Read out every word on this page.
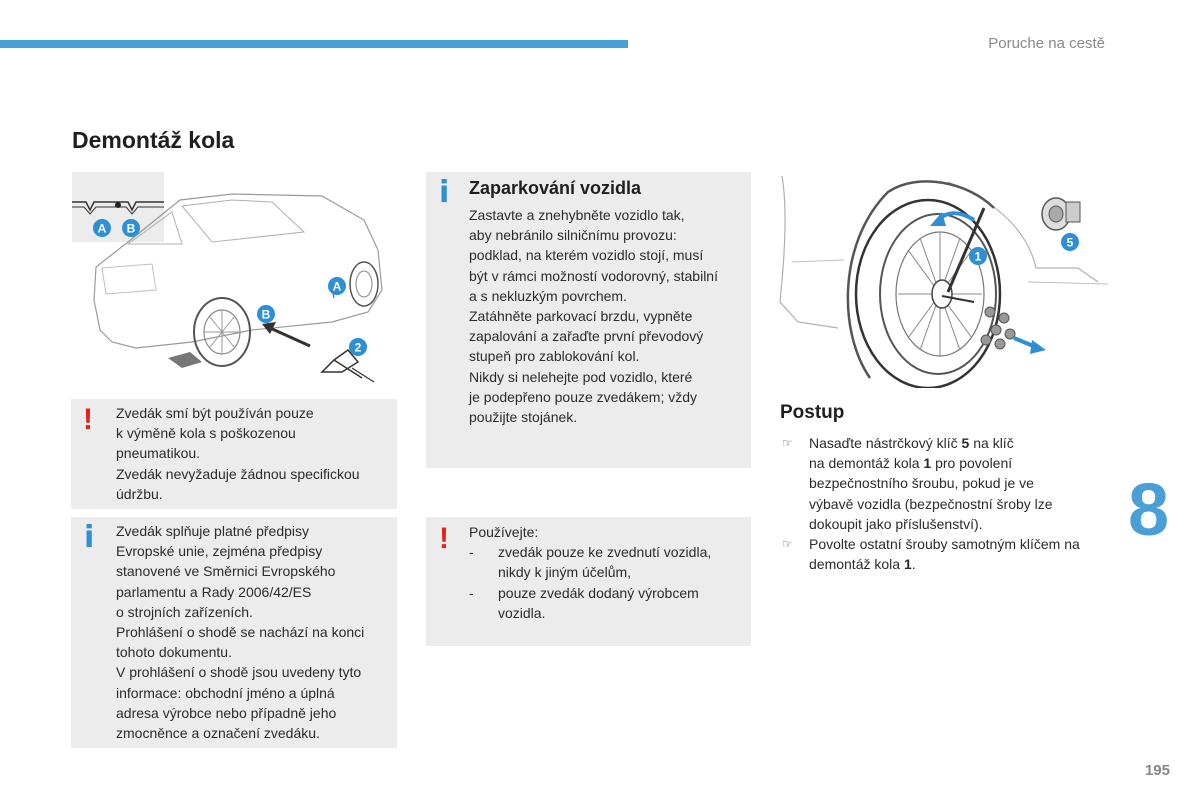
Poruche na cestě
Demontáž kola
A B
A
B
2
! Zvedák smí být používán pouze

k výměně kola s poškozenou

pneumatikou.

Zvedák nevyžaduje žádnou specifickou

údržbu.

i Zvedák splňuje platné předpisy

Evropské unie, zejména předpisy

stanovené ve Směrnici Evropského

parlamentu a Rady 2006/42/ES

o strojních zařízeních.

Prohlášení o shodě se nachází na konci

tohoto dokumentu.

V prohlášení o shodě jsou uvedeny tyto

informace: obchodní jméno a úplná

adresa výrobce nebo případně jeho

zmocněnce a označení zvedáku.

i Zaparkování vozidla

Zastavte a znehybněte vozidlo tak,

aby nebránilo silničnímu provozu:

podklad, na kterém vozidlo stojí, musí

být v rámci možností vodorovný, stabilní

a s nekluzkým povrchem.

Zatáhněte parkovací brzdu, vypněte

zapalování a zařaďte první převodový

stupeň pro zablokování kol.

Nikdy si nelehejte pod vozidlo, které

je podepřeno pouze zvedákem; vždy

použijte stojánek.

! Používejte:

- zvedák pouze ke zvednutí vozidla,
nikdy k jiným účelům,
- pouze zvedák dodaný výrobcem
vozidla.
1
5
Postup
☞ Nasaďte nástrčkový klíč 5 na klíč
na demontáž kola 1 pro povolení
bezpečnostního šroubu, pokud je ve
výbavě vozidla (bezpečnostní šroby lze
dokoupit jako příslušenství).
☞ Povolte ostatní šrouby samotným klíčem na
demontáž kola 1.
8
195
